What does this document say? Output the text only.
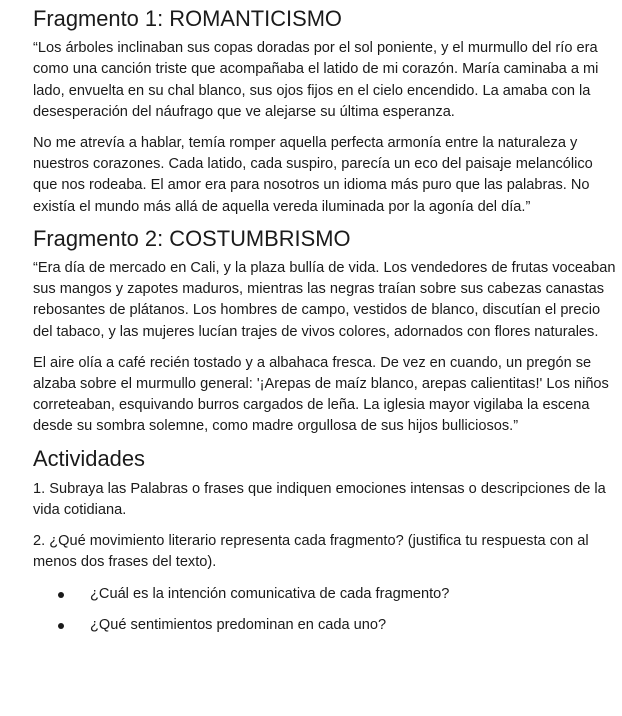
Fragmento 1: ROMANTICISMO

“Los árboles inclinaban sus copas doradas por el sol poniente, y el murmullo del río era como una canción triste que acompañaba el latido de mi corazón. María caminaba a mi lado, envuelta en su chal blanco, sus ojos fijos en el cielo encendido. La amaba con la desesperación del náufrago que ve alejarse su última esperanza.

No me atrevía a hablar, temía romper aquella perfecta armonía entre la naturaleza y nuestros corazones. Cada latido, cada suspiro, parecía un eco del paisaje melancólico que nos rodeaba. El amor era para nosotros un idioma más puro que las palabras. No existía el mundo más allá de aquella vereda iluminada por la agonía del día.”

Fragmento 2: COSTUMBRISMO

“Era día de mercado en Cali, y la plaza bullía de vida. Los vendedores de frutas voceaban sus mangos y zapotes maduros, mientras las negras traían sobre sus cabezas canastas rebosantes de plátanos. Los hombres de campo, vestidos de blanco, discutían el precio del tabaco, y las mujeres lucían trajes de vivos colores, adornados con flores naturales.

El aire olía a café recién tostado y a albahaca fresca. De vez en cuando, un pregón se alzaba sobre el murmullo general: '¡Arepas de maíz blanco, arepas calientitas!' Los niños correteaban, esquivando burros cargados de leña. La iglesia mayor vigilaba la escena desde su sombra solemne, como madre orgullosa de sus hijos bulliciosos.”

Actividades

1. Subraya las Palabras o frases que indiquen emociones intensas o descripciones de la vida cotidiana.

2. ¿Qué movimiento literario representa cada fragmento? (justifica tu respuesta con al menos dos frases del texto).

¿Cuál es la intención comunicativa de cada fragmento?
¿Qué sentimientos predominan en cada uno?
